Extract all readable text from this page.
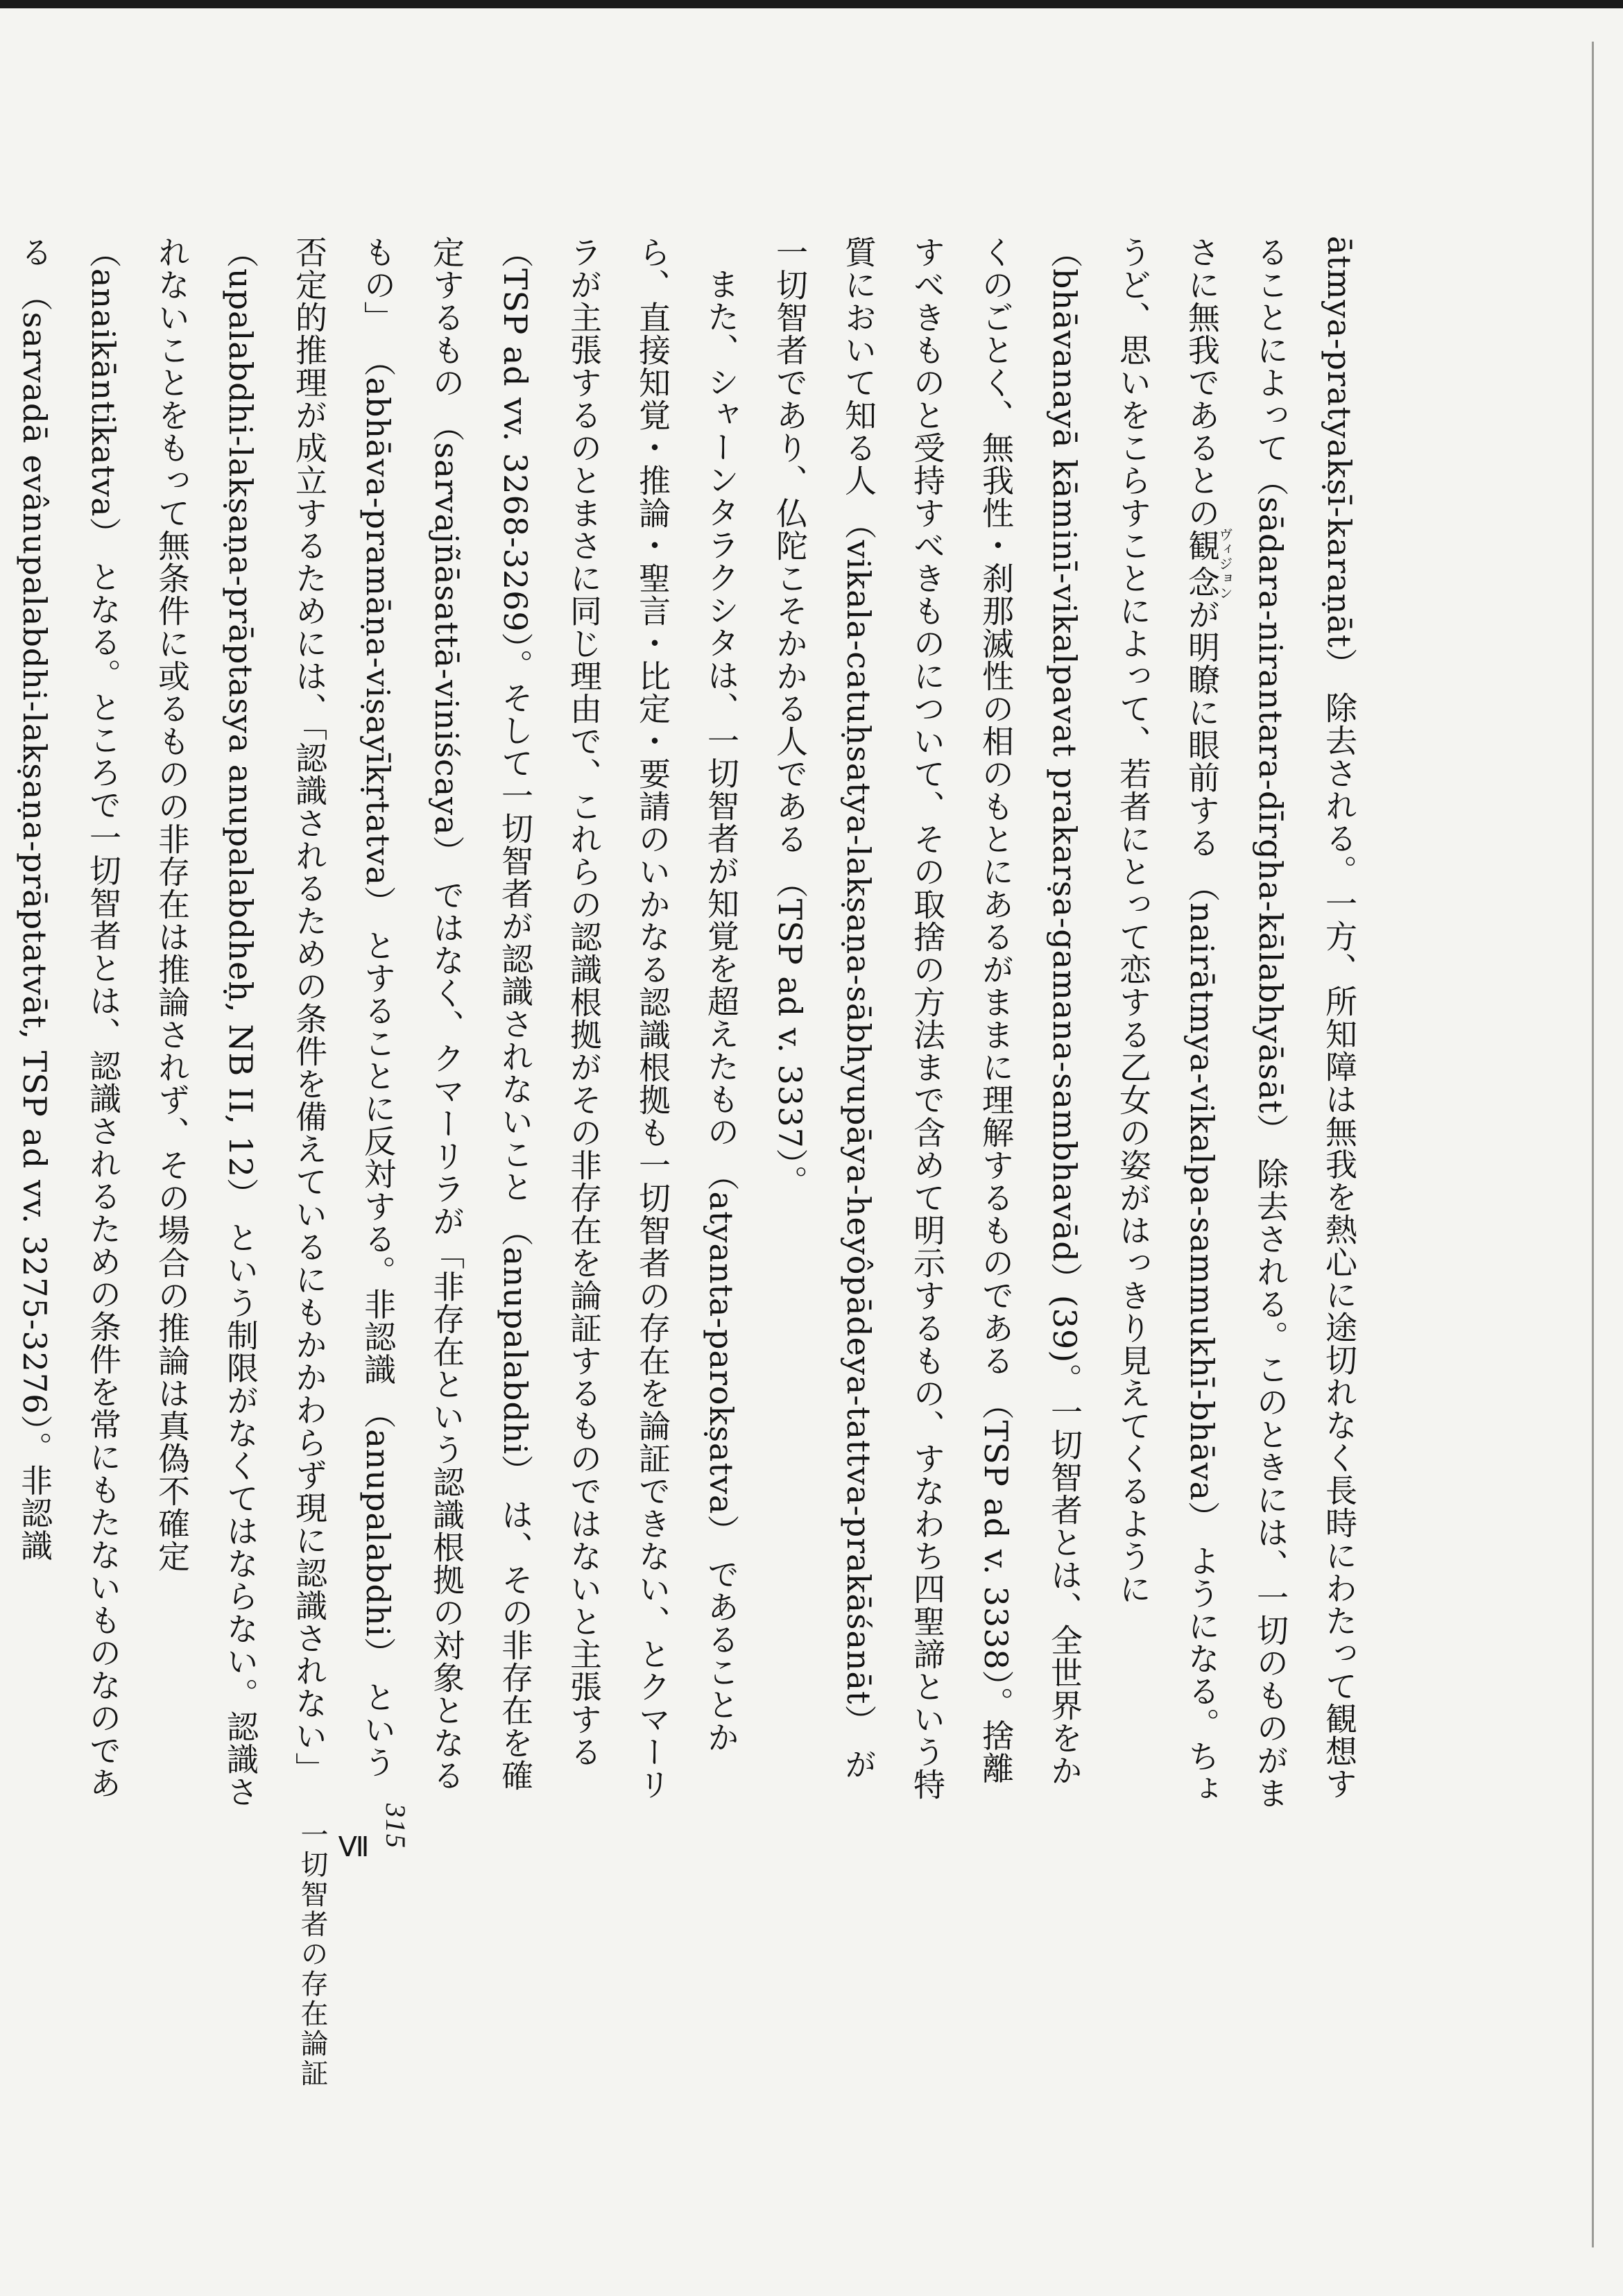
ātmya-pratyakṣī-karaṇāt） 除去される。一方、所知障は無我を熱心に途切れなく長時にわたって観想することによって（sādara-nirantara-dīrgha-kālabhyāsāt） 除去される。このときには、一切のものがまさに無我であるとの観念ヴィジョンが明瞭に眼前する （nairātmya-vikalpa-sammukhī-bhāva） ようになる。ちょうど、思いをこらすことによって、若者にとって恋する乙女の姿がはっきり見えてくるように （bhāvanayā kāminī-vikalpavat prakarṣa-gamana-sambhavād）(39)。一切智者とは、全世界をかくのごとく、無我性・刹那滅性の相のもとにあるがままに理解するものである （TSP ad v. 3338）。捨離すべきものと受持すべきものについて、その取捨の方法まで含めて明示するもの、すなわち四聖諦という特質において知る人 （vikala-catuḥsatya-lakṣaṇa-sābhyupāya-heyôpādeya-tattva-prakāśanāt） が一切智者であり、仏陀こそかかる人である （TSP ad v. 3337）。

また、シャーンタラクシタは、一切智者が知覚を超えたもの （atyanta-parokṣatva） であることから、直接知覚・推論・聖言・比定・要請のいかなる認識根拠も一切智者の存在を論証できない、とクマーリラが主張するのとまさに同じ理由で、これらの認識根拠がその非存在を論証するものではないと主張する （TSP ad vv. 3268-3269）。そして一切智者が認識されないこと （anupalabdhi） は、その非存在を確定するもの （sarvajñāsattā-viniścaya） ではなく、クマーリラが「非存在という認識根拠の対象となるもの」 （abhāva-pramāṇa-viṣayīkṛtatva） とすることに反対する。非認識 （anupalabdhi） という否定的推理が成立するためには、「認識されるための条件を備えているにもかかわらず現に認識されない」 （upalabdhi-lakṣaṇa-prāptasya anupalabdheḥ, NB II, 12） という制限がなくてはならない。認識されないことをもって無条件に或るものの非存在は推論されず、その場合の推論は真偽不確定 （anaikāntikatva） となる。ところで一切智者とは、認識されるための条件を常にもたないものなのである （sarvadā evânupalabdhi-lakṣaṇa-prāptatvāt, TSP ad vv. 3275-3276）。非認識

315
Ⅶ
一切智者の存在論証
